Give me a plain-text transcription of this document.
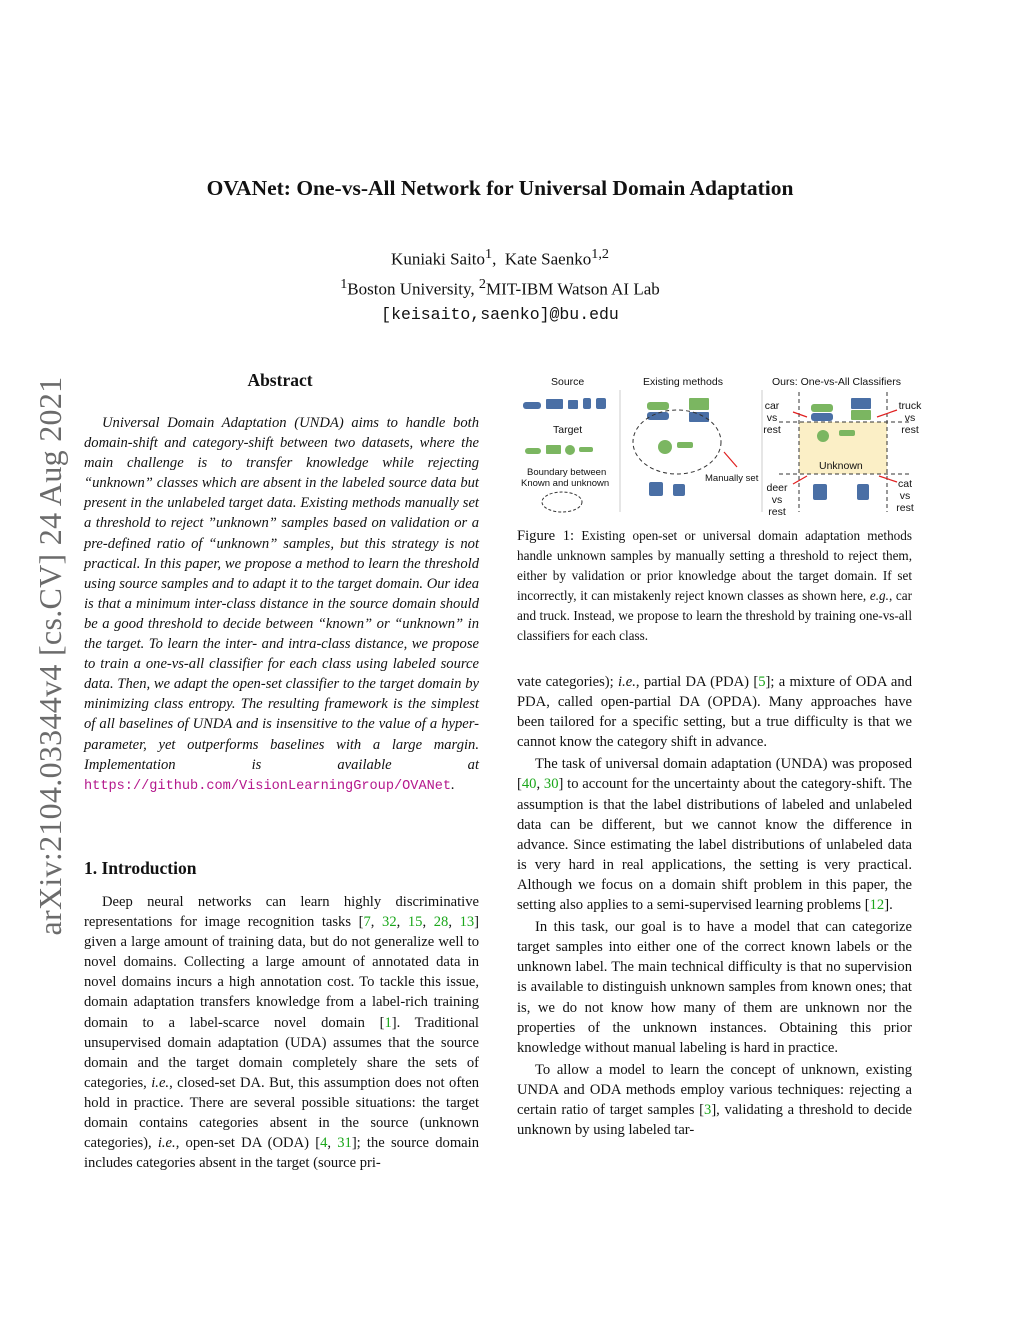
arXiv:2104.03344v4 [cs.CV] 24 Aug 2021
OVANet: One-vs-All Network for Universal Domain Adaptation
Kuniaki Saito$^1$,  Kate Saenko$^{1,2}$
$^1$Boston University, $^2$MIT-IBM Watson AI Lab
[keisaito,saenko]@bu.edu
Abstract

Universal Domain Adaptation (UNDA) aims to handle both domain-shift and category-shift between two datasets, where the main challenge is to transfer knowledge while rejecting “unknown” classes which are absent in the labeled source data but present in the unlabeled target data. Existing methods manually set a threshold to reject ”unknown” samples based on validation or a pre-defined ratio of “unknown” samples, but this strategy is not practical. In this paper, we propose a method to learn the threshold using source samples and to adapt it to the target domain. Our idea is that a minimum inter-class distance in the source domain should be a good threshold to decide between “known” or “unknown” in the target. To learn the inter- and intra-class distance, we propose to train a one-vs-all classifier for each class using labeled source data. Then, we adapt the open-set classifier to the target domain by minimizing class entropy. The resulting framework is the simplest of all baselines of UNDA and is insensitive to the value of a hyper-parameter, yet outperforms baselines with a large margin. Implementation is available at https://github.com/VisionLearningGroup/OVANet.

1. Introduction

Deep neural networks can learn highly discriminative representations for image recognition tasks [7, 32, 15, 28, 13] given a large amount of training data, but do not generalize well to novel domains. Collecting a large amount of annotated data in novel domains incurs a high annotation cost. To tackle this issue, domain adaptation transfers knowledge from a label-rich training domain to a label-scarce novel domain [1]. Traditional unsupervised domain adaptation (UDA) assumes that the source domain and the target domain completely share the sets of categories, i.e., closed-set DA. But, this assumption does not often hold in practice. There are several possible situations: the target domain contains categories absent in the source (unknown categories), i.e., open-set DA (ODA) [4, 31]; the source domain includes categories absent in the target (source pri-

Source	Existing methods	Ours: One-vs-All Classifiers
Target
Boundary between
Known and unknown	Manually set
car
vs
rest
truck
vs
rest
Unknown
deer
vs
rest
cat
vs
rest
Figure 1: Existing open-set or universal domain adaptation methods handle unknown samples by manually setting a threshold to reject them, either by validation or prior knowledge about the target domain. If set incorrectly, it can mistakenly reject known classes as shown here, e.g., car and truck. Instead, we propose to learn the threshold by training one-vs-all classifiers for each class.

vate categories); i.e., partial DA (PDA) [5]; a mixture of ODA and PDA, called open-partial DA (OPDA). Many approaches have been tailored for a specific setting, but a true difficulty is that we cannot know the category shift in advance.

The task of universal domain adaptation (UNDA) was proposed [40, 30] to account for the uncertainty about the category-shift. The assumption is that the label distributions of labeled and unlabeled data can be different, but we cannot know the difference in advance. Since estimating the label distributions of unlabeled data is very hard in real applications, the setting is very practical. Although we focus on a domain shift problem in this paper, the setting also applies to a semi-supervised learning problems [12].

In this task, our goal is to have a model that can categorize target samples into either one of the correct known labels or the unknown label. The main technical difficulty is that no supervision is available to distinguish unknown samples from known ones; that is, we do not know how many of them are unknown nor the properties of the unknown instances. Obtaining this prior knowledge without manual labeling is hard in practice.

To allow a model to learn the concept of unknown, existing UNDA and ODA methods employ various techniques: rejecting a certain ratio of target samples [3], validating a threshold to decide unknown by using labeled tar-
